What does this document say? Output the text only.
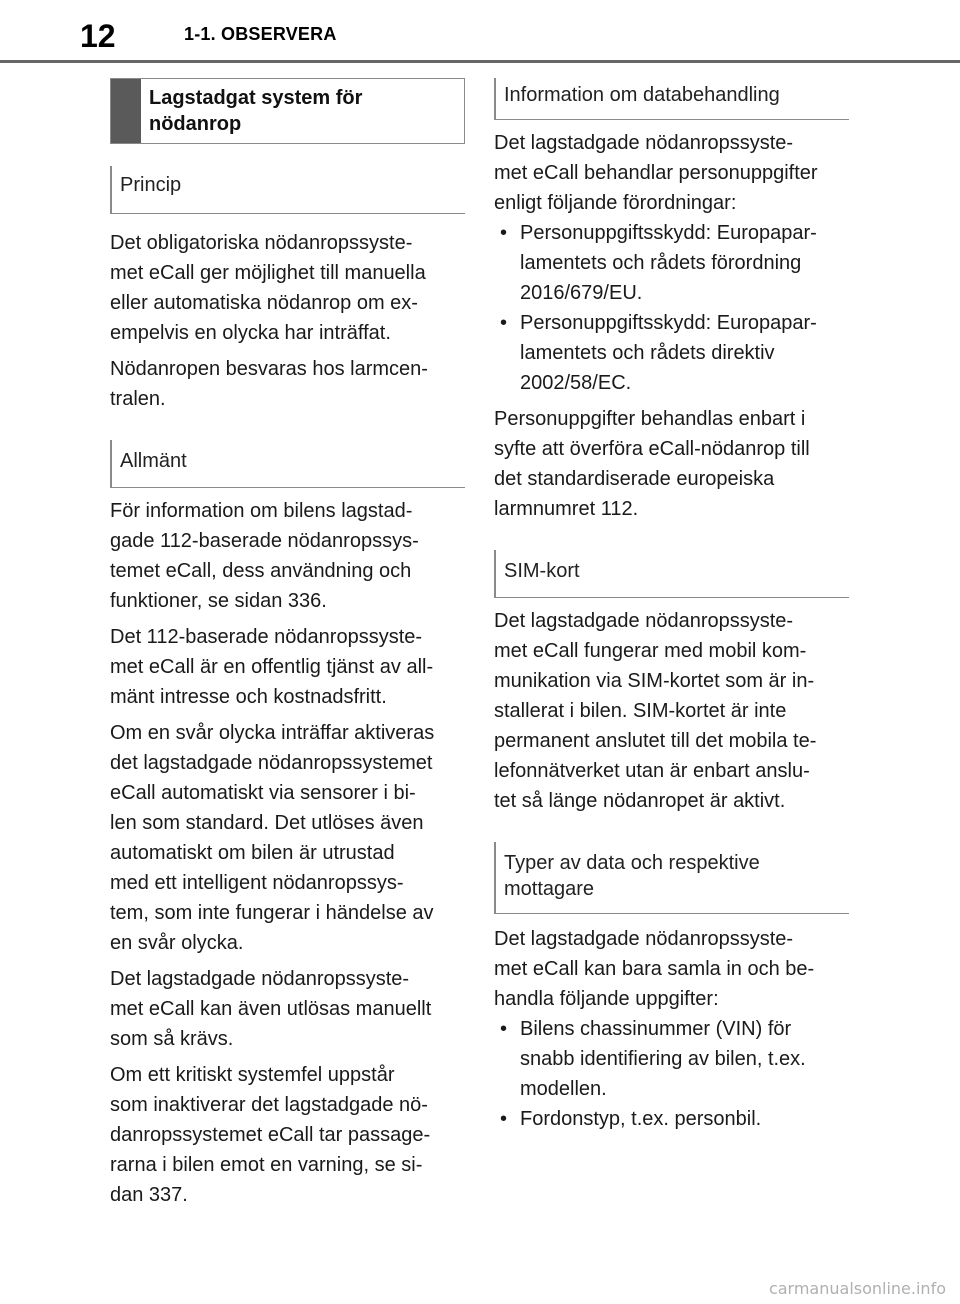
12	1-1. OBSERVERA
Lagstadgat system för
nödanrop
Princip

Det obligatoriska nödanropssyste-
met eCall ger möjlighet till manuella
eller automatiska nödanrop om ex-
empelvis en olycka har inträffat.

Nödanropen besvaras hos larmcen-
tralen.

Allmänt

För information om bilens lagstad-
gade 112-baserade nödanropssys-
temet eCall, dess användning och
funktioner, se sidan 336.

Det 112-baserade nödanropssyste-
met eCall är en offentlig tjänst av all-
mänt intresse och kostnadsfritt.

Om en svår olycka inträffar aktiveras
det lagstadgade nödanropssystemet
eCall automatiskt via sensorer i bi-
len som standard. Det utlöses även
automatiskt om bilen är utrustad
med ett intelligent nödanropssys-
tem, som inte fungerar i händelse av
en svår olycka.

Det lagstadgade nödanropssyste-
met eCall kan även utlösas manuellt
som så krävs.

Om ett kritiskt systemfel uppstår
som inaktiverar det lagstadgade nö-
danropssystemet eCall tar passage-
rarna i bilen emot en varning, se si-
dan 337.

Information om databehandling

Det lagstadgade nödanropssyste-
met eCall behandlar personuppgifter
enligt följande förordningar:

• Personuppgiftsskydd: Europapar-
lamentets och rådets förordning
2016/679/EU.
• Personuppgiftsskydd: Europapar-
lamentets och rådets direktiv
2002/58/EC.

Personuppgifter behandlas enbart i
syfte att överföra eCall-nödanrop till
det standardiserade europeiska
larmnumret 112.

SIM-kort

Det lagstadgade nödanropssyste-
met eCall fungerar med mobil kom-
munikation via SIM-kortet som är in-
stallerat i bilen. SIM-kortet är inte
permanent anslutet till det mobila te-
lefonnätverket utan är enbart anslu-
tet så länge nödanropet är aktivt.

Typer av data och respektive
mottagare

Det lagstadgade nödanropssyste-
met eCall kan bara samla in och be-
handla följande uppgifter:

• Bilens chassinummer (VIN) för
snabb identifiering av bilen, t.ex.
modellen.
• Fordonstyp, t.ex. personbil.
carmanualsonline.info
